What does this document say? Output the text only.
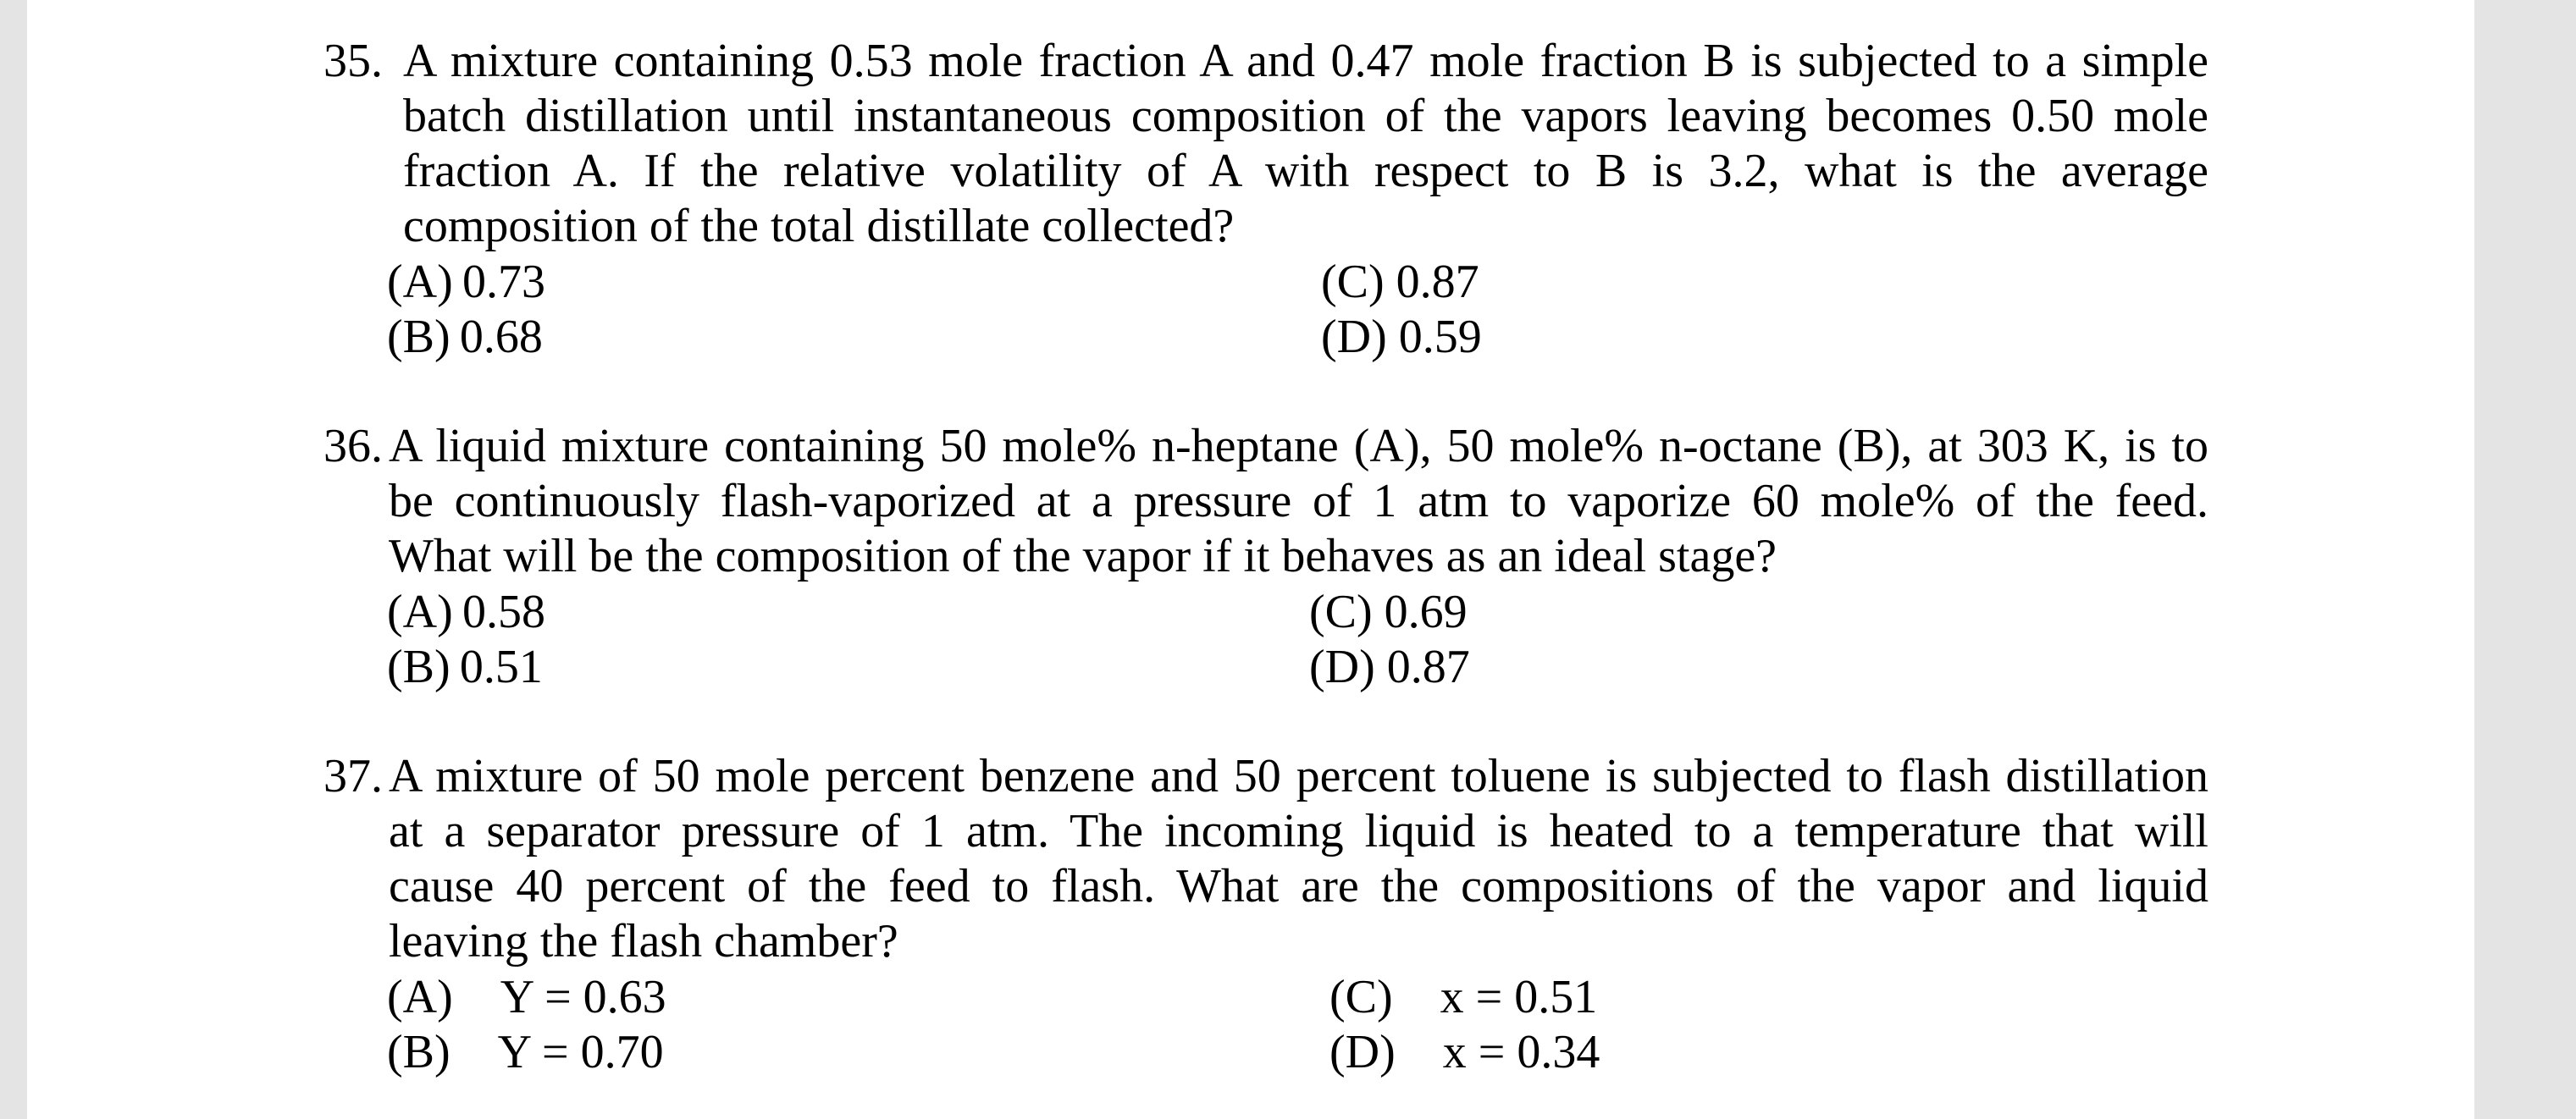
35. A mixture containing 0.53 mole fraction A and 0.47 mole fraction B is subjected to a simple
batch distillation until instantaneous composition of the vapors leaving becomes 0.50 mole
fraction A. If the relative volatility of A with respect to B is 3.2, what is the average
composition of the total distillate collected?
(A) 0.73
(B) 0.68
(C) 0.87
(D) 0.59
36. A liquid mixture containing 50 mole% n-heptane (A), 50 mole% n-octane (B), at 303 K, is to
be continuously flash-vaporized at a pressure of 1 atm to vaporize 60 mole% of the feed.
What will be the composition of the vapor if it behaves as an ideal stage?
(A) 0.58
(B) 0.51
(C) 0.69
(D) 0.87
37. A mixture of 50 mole percent benzene and 50 percent toluene is subjected to flash distillation
at a separator pressure of 1 atm. The incoming liquid is heated to a temperature that will
cause 40 percent of the feed to flash. What are the compositions of the vapor and liquid
leaving the flash chamber?
(A) Y = 0.63
(B) Y = 0.70
(C) x = 0.51
(D) x = 0.34
